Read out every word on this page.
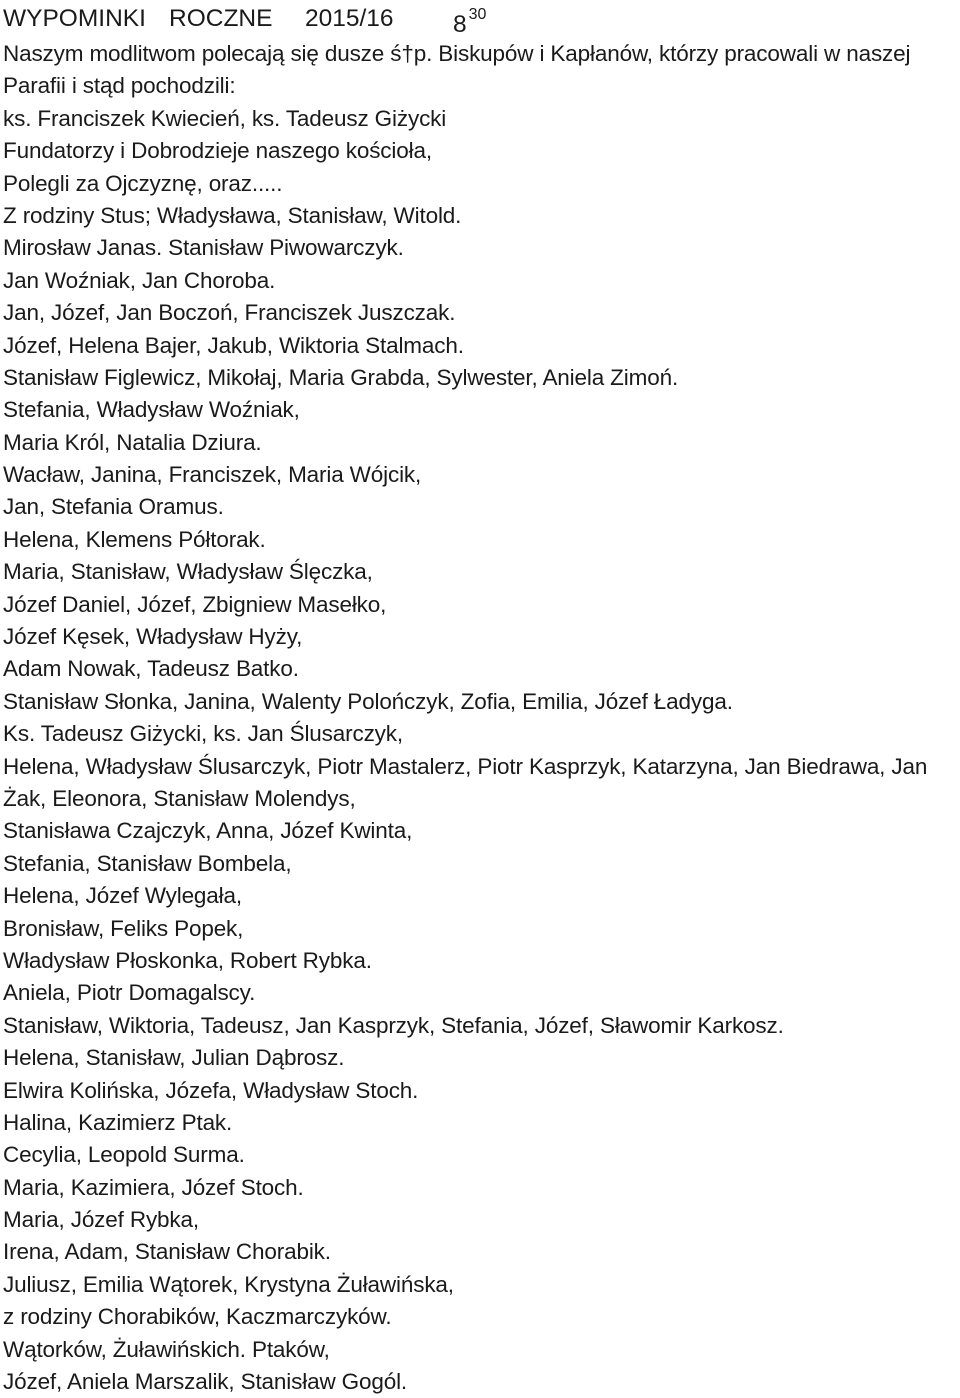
WYPOMINKI ROCZNE 2015/16 8 $^{30}$
Naszym modlitwom polecają się dusze ś†p. Biskupów i Kapłanów, którzy pracowali w naszej
Parafii i stąd pochodzili:
ks. Franciszek Kwiecień, ks. Tadeusz Giżycki
Fundatorzy i Dobrodzieje naszego kościoła,
Polegli za Ojczyznę, oraz.....
Z rodziny Stus; Władysława, Stanisław, Witold.
Mirosław Janas. Stanisław Piwowarczyk.
Jan Woźniak, Jan Choroba.
Jan, Józef, Jan Boczoń, Franciszek Juszczak.
Józef, Helena Bajer, Jakub, Wiktoria Stalmach.
Stanisław Figlewicz, Mikołaj, Maria Grabda, Sylwester, Aniela Zimoń.
Stefania, Władysław Woźniak,
Maria Król, Natalia Dziura.
Wacław, Janina, Franciszek, Maria Wójcik,
Jan, Stefania Oramus.
Helena, Klemens Półtorak.
Maria, Stanisław, Władysław Ślęczka,
Józef Daniel, Józef, Zbigniew Masełko,
Józef Kęsek, Władysław Hyży,
Adam Nowak, Tadeusz Batko.
Stanisław Słonka, Janina, Walenty Polończyk, Zofia, Emilia, Józef Ładyga.
Ks. Tadeusz Giżycki, ks. Jan Ślusarczyk,
Helena, Władysław Ślusarczyk, Piotr Mastalerz, Piotr Kasprzyk, Katarzyna, Jan Biedrawa, Jan
Żak, Eleonora, Stanisław Molendys,
Stanisława Czajczyk, Anna, Józef Kwinta,
Stefania, Stanisław Bombela,
Helena, Józef Wylegała,
Bronisław, Feliks Popek,
Władysław Płoskonka, Robert Rybka.
Aniela, Piotr Domagalscy.
Stanisław, Wiktoria, Tadeusz, Jan Kasprzyk, Stefania, Józef, Sławomir Karkosz.
Helena, Stanisław, Julian Dąbrosz.
Elwira Kolińska, Józefa, Władysław Stoch.
Halina, Kazimierz Ptak.
Cecylia, Leopold Surma.
Maria, Kazimiera, Józef Stoch.
Maria, Józef Rybka,
Irena, Adam, Stanisław Chorabik.
Juliusz, Emilia Wątorek, Krystyna Żuławińska,
z rodziny Chorabików, Kaczmarczyków.
Wątorków, Żuławińskich. Ptaków,
Józef, Aniela Marszalik, Stanisław Gogól.
